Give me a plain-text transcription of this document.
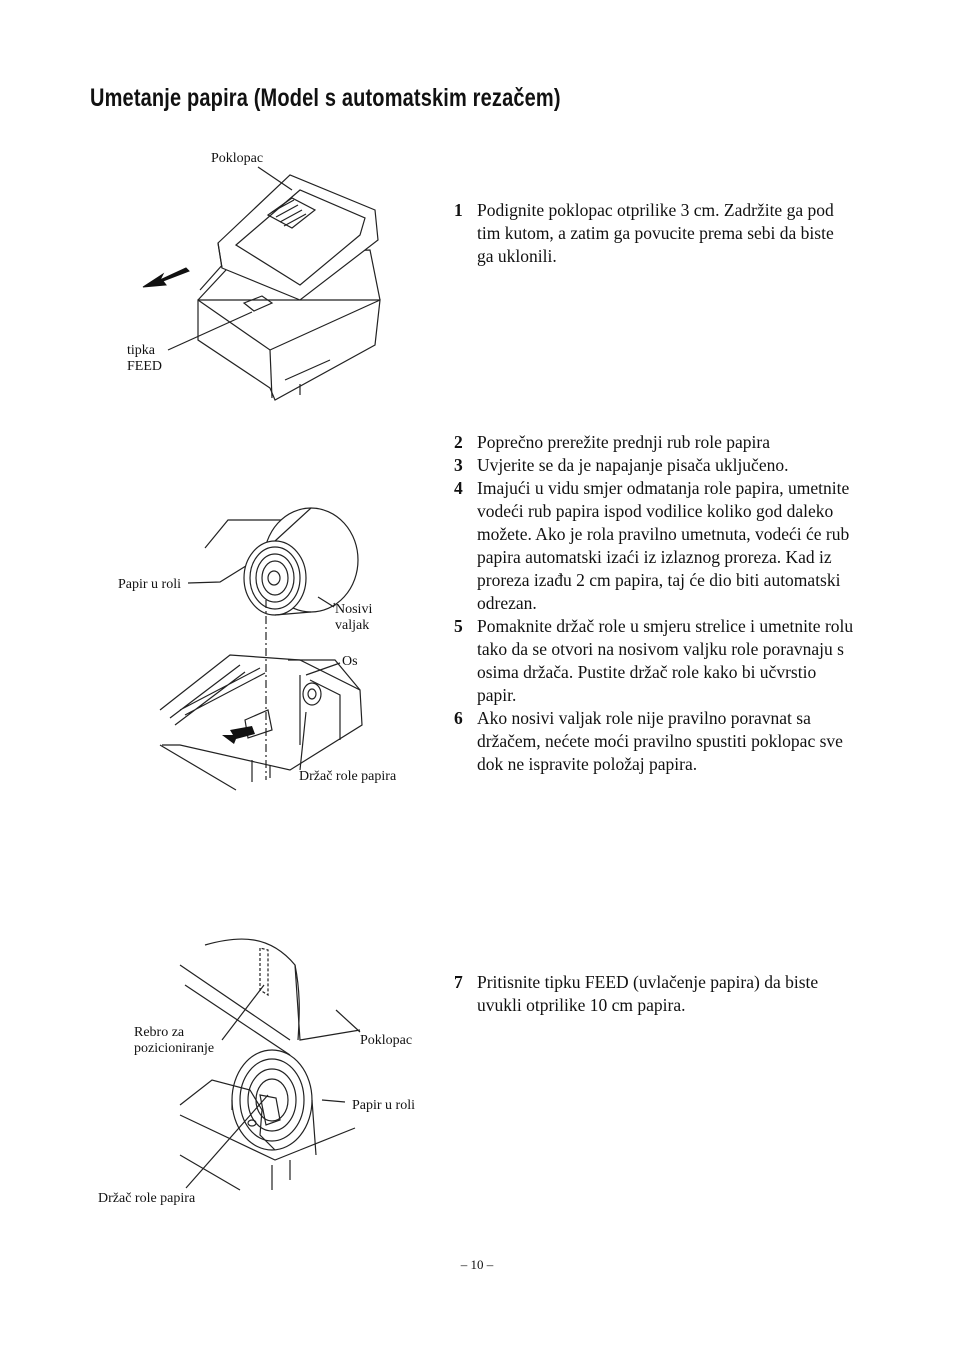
Umetanje papira (Model s automatskim rezačem)
Poklopac
tipka
FEED
Papir u roli
Nosivi
valjak
Os
Držač role papira
Rebro za
pozicioniranje
Poklopac
Papir u roli
Držač role papira
1 Podignite poklopac otprilike 3 cm. Zadržite ga pod tim kutom, a zatim ga povucite prema sebi da biste ga uklonili.
2 Poprečno prerežite prednji rub role papira
3 Uvjerite se da je napajanje pisača uključeno.
4 Imajući u vidu smjer odmatanja role papira, umetnite vodeći rub papira ispod vodilice koliko god daleko možete. Ako je rola pravilno umetnuta, vodeći će rub papira automatski izaći iz izlaznog proreza. Kad iz proreza izađu 2 cm papira, taj će dio biti automatski odrezan.
5 Pomaknite držač role u smjeru strelice i umetnite rolu tako da se otvori na nosivom valjku role poravnaju s osima držača. Pustite držač role kako bi učvrstio papir.
6 Ako nosivi valjak role nije pravilno poravnat sa držačem, nećete moći pravilno spustiti poklopac sve dok ne ispravite položaj papira.
7 Pritisnite tipku FEED (uvlačenje papira) da biste uvukli otprilike 10 cm papira.
– 10 –
